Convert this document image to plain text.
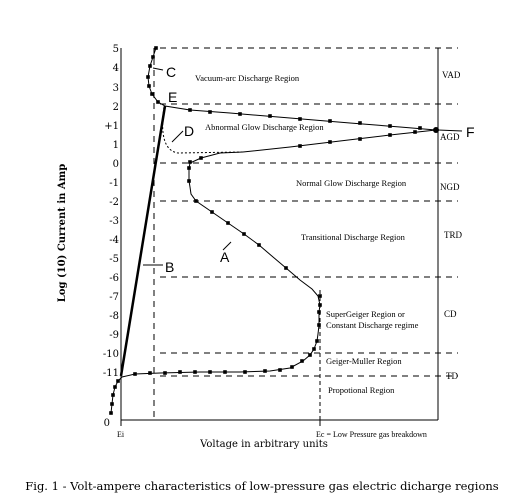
5
4
3
2
+1
1
0
-1
-2
-3
-4
-5
-6
-7
-8
-9
-10
-11
0
Ei	Ec = Low Pressure gas breakdown
Log (10) Current in Amp
Voltage in arbitrary units
Vacuum-arc Discharge Region
Abnormal Glow Discharge Region
Normal Glow Discharge Region
Transitional Discharge Region
SuperGeiger Region or
Constant Discharge regime
Geiger-Muller Region
Propotional Region
VAD
AGD
NGD
TRD
CD
TD
A
B
C
D
E
F
Fig. 1 - Volt-ampere characteristics of low-pressure gas electric dicharge regions
